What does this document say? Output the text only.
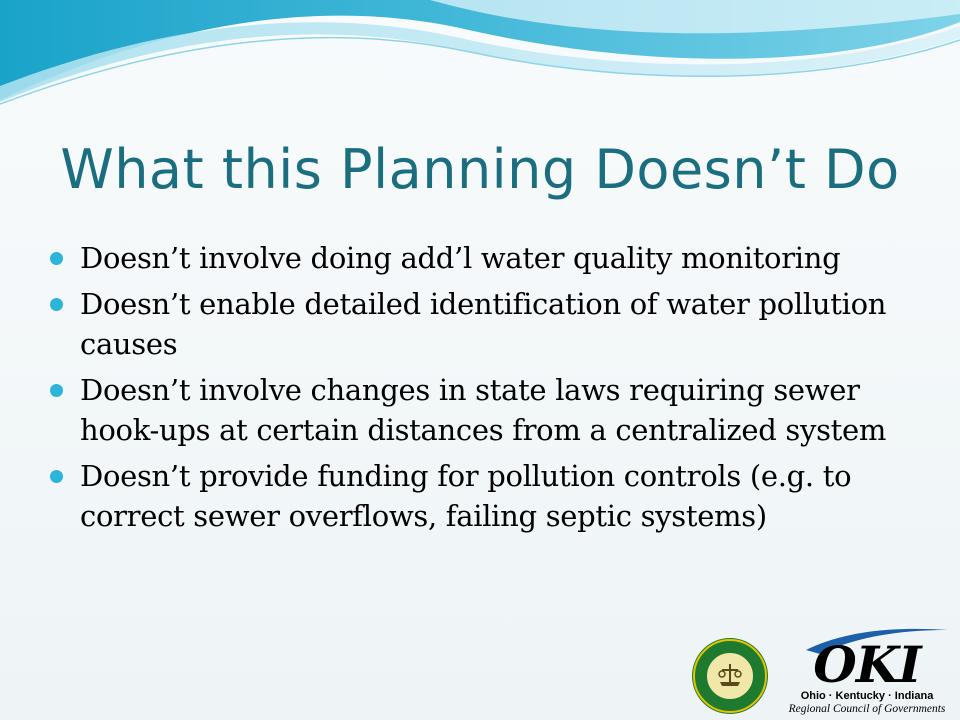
What this Planning Doesn’t Do
Doesn’t involve doing add’l water quality monitoring
Doesn’t enable detailed identification of water pollution causes
Doesn’t involve changes in state laws requiring sewer hook-ups at certain distances from a centralized system
Doesn’t provide funding for pollution controls (e.g. to correct sewer overflows, failing septic systems)
OKI
Ohio · Kentucky · Indiana
Regional Council of Governments
